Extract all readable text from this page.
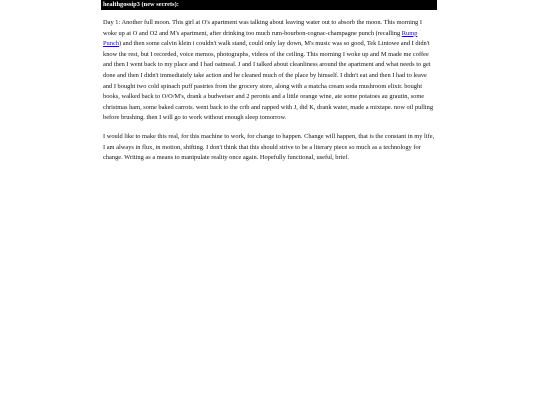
healthgossip3 (new secrets):

Day 1: Another full moon. This girl at O's apartment was talking about leaving water out to absorb the moon. This morning I woke up at O and O2 and M's apartment, after drinking too much rum-bourbon-cognac-champagne punch (recalling Rump Punch) and then some calvin klein i couldn't walk stand, could only lay down, M's music was so good, Tek Lintowe and I didn't know the rest, but I recorded, voice memos, photographs, videos of the ceiling. This morning I woke up and M made me coffee and then I went back to my place and I had oatmeal. J and I talked about cleanliness around the apartment and what needs to get done and then I didn't immediately take action and he cleaned much of the place by himself. I didn't eat and then I had to leave and I bought two cold spinach puff pastries from the grocery store, along with a matcha cream soda mushroom elixir. bought books, walked back to O/O/M's, drank a budweiser and 2 peronis and a little orange wine, ate some potatoes au grautin, some christmas ham, some baked carrots. went back to the crib and rapped with J, did K, drank water, made a mixtape. now oil pulling before brushing. then I will go to work without enough sleep tomorrow.

I would like to make this real, for this machine to work, for change to happen. Change will happen, that is the constant in my life, I am always in flux, in motion, shifting. I don't think that this should strive to be a literary piece so much as a technology for change. Writing as a means to manipulate reality once again. Hopefully functional, useful, brief.
